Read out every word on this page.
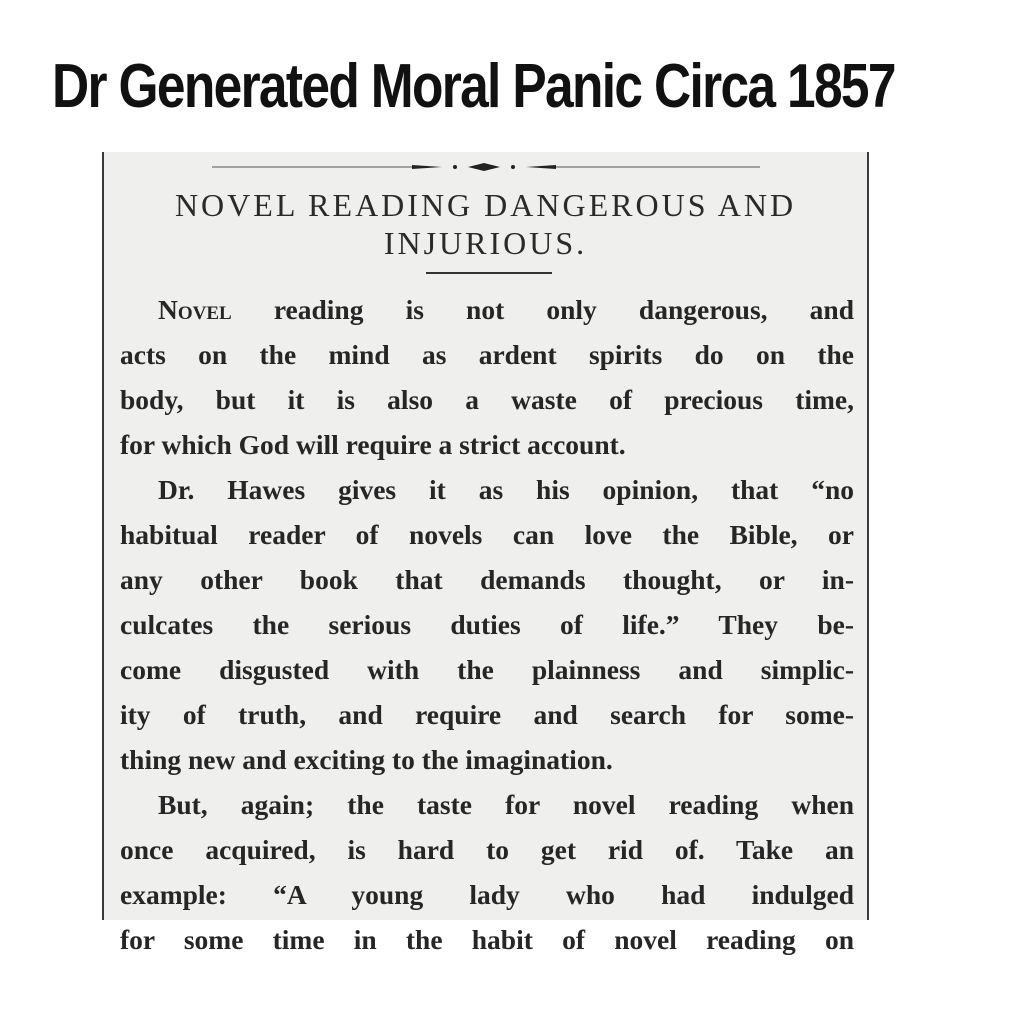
Dr Generated Moral Panic Circa 1857
NOVEL READING DANGEROUS AND
INJURIOUS.

Novel reading is not only dangerous, and
acts on the mind as ardent spirits do on the
body, but it is also a waste of precious time,
for which God will require a strict account.

Dr. Hawes gives it as his opinion, that “no
habitual reader of novels can love the Bible, or
any other book that demands thought, or in-
culcates the serious duties of life.” They be-
come disgusted with the plainness and simplic-
ity of truth, and require and search for some-
thing new and exciting to the imagination.

But, again; the taste for novel reading when
once acquired, is hard to get rid of. Take an
example: “A young lady who had indulged
for some time in the habit of novel reading on
